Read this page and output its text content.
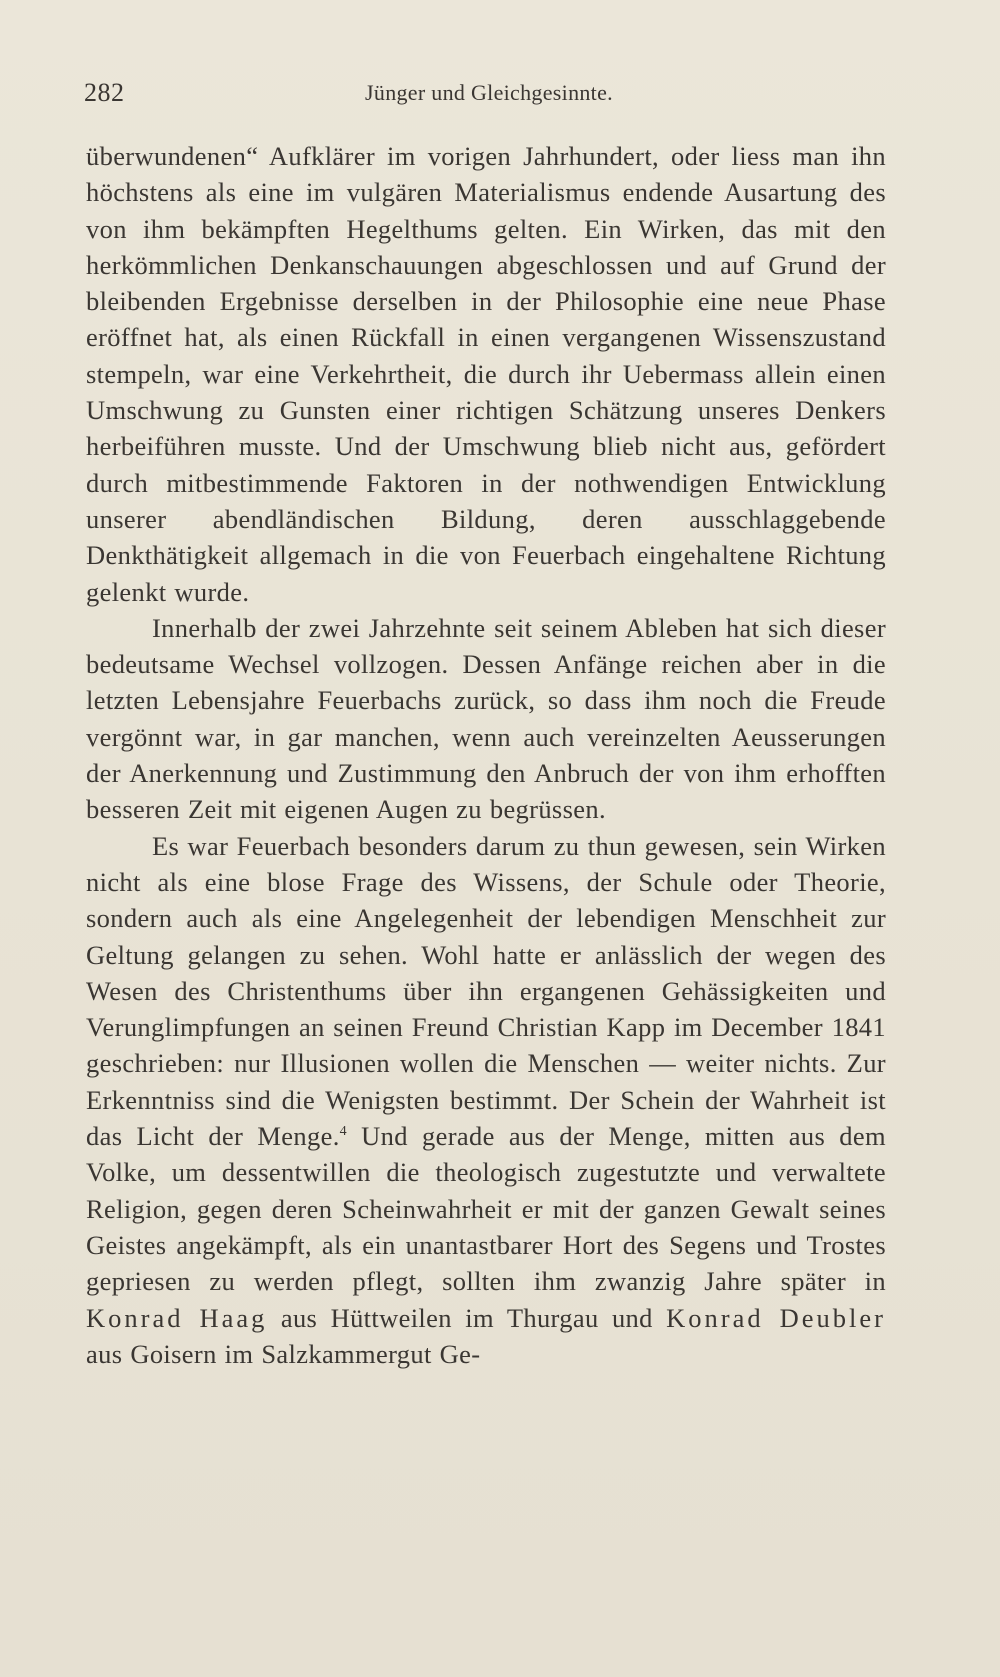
282	Jünger und Gleichgesinnte.

überwundenen“ Aufklärer im vorigen Jahrhundert, oder liess man ihn höchstens als eine im vulgären Materialismus endende Ausartung des von ihm bekämpften Hegelthums gelten. Ein Wirken, das mit den herkömmlichen Denkanschauungen abgeschlossen und auf Grund der bleibenden Ergebnisse derselben in der Philosophie eine neue Phase eröffnet hat, als einen Rückfall in einen vergangenen Wissenszustand stempeln, war eine Verkehrtheit, die durch ihr Uebermass allein einen Umschwung zu Gunsten einer richtigen Schätzung unseres Denkers herbeiführen musste. Und der Umschwung blieb nicht aus, gefördert durch mitbestimmende Faktoren in der nothwendigen Entwicklung unserer abendländischen Bildung, deren ausschlaggebende Denkthätigkeit allgemach in die von Feuerbach eingehaltene Richtung gelenkt wurde.

Innerhalb der zwei Jahrzehnte seit seinem Ableben hat sich dieser bedeutsame Wechsel vollzogen. Dessen Anfänge reichen aber in die letzten Lebensjahre Feuerbachs zurück, so dass ihm noch die Freude vergönnt war, in gar manchen, wenn auch vereinzelten Aeusserungen der Anerkennung und Zustimmung den Anbruch der von ihm erhofften besseren Zeit mit eigenen Augen zu begrüssen.

Es war Feuerbach besonders darum zu thun gewesen, sein Wirken nicht als eine blose Frage des Wissens, der Schule oder Theorie, sondern auch als eine Angelegenheit der lebendigen Menschheit zur Geltung gelangen zu sehen. Wohl hatte er anlässlich der wegen des Wesen des Christenthums über ihn ergangenen Gehässigkeiten und Verunglimpfungen an seinen Freund Christian Kapp im December 1841 geschrieben: nur Illusionen wollen die Menschen — weiter nichts. Zur Erkenntniss sind die Wenigsten bestimmt. Der Schein der Wahrheit ist das Licht der Menge.$^4$ Und gerade aus der Menge, mitten aus dem Volke, um dessentwillen die theologisch zugestutzte und verwaltete Religion, gegen deren Scheinwahrheit er mit der ganzen Gewalt seines Geistes angekämpft, als ein unantastbarer Hort des Segens und Trostes gepriesen zu werden pflegt, sollten ihm zwanzig Jahre später in Konrad Haag aus Hüttweilen im Thurgau und Konrad Deubler aus Goisern im Salzkammergut Ge-
